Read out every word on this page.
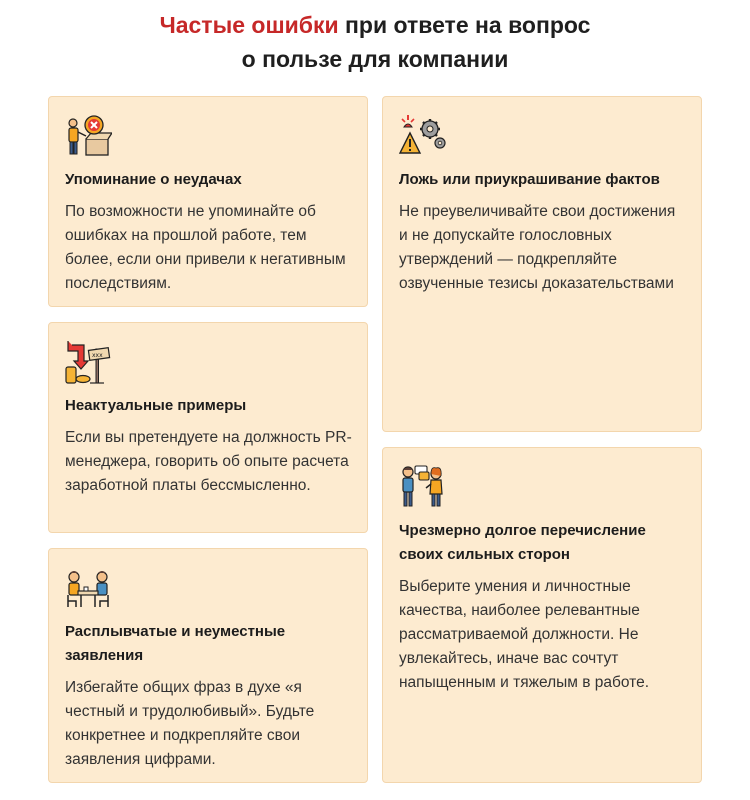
Частые ошибки при ответе на вопрос
о пользе для компании
Упоминание о неудачах
По возможности не упоминайте об ошибках на прошлой работе, тем более, если они привели к негативным последствиям.
xxx
Неактуальные примеры
Если вы претендуете на должность PR-менеджера, говорить об опыте расчета заработной платы бессмысленно.
Расплывчатые и неуместные заявления
Избегайте общих фраз в духе «я честный и трудолюбивый». Будьте конкретнее и подкрепляйте свои заявления цифрами.
Ложь или приукрашивание фактов
Не преувеличивайте свои достижения и не допускайте голословных утверждений — подкрепляйте озвученные тезисы доказательствами
Чрезмерно долгое перечисление своих сильных сторон
Выберите умения и личностные качества, наиболее релевантные рассматриваемой должности. Не увлекайтесь, иначе вас сочтут напыщенным и тяжелым в работе.
